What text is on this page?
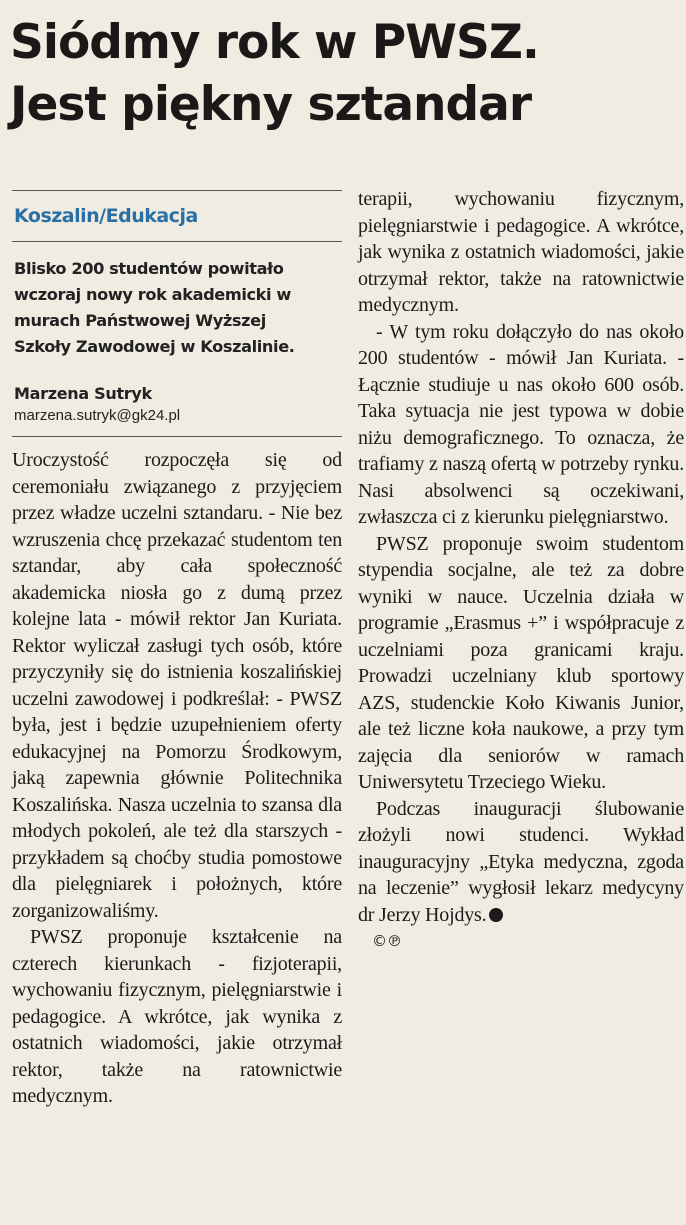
Siódmy rok w PWSZ.
Jest piękny sztandar
Koszalin/Edukacja
Blisko 200 studentów powitało wczoraj nowy rok akademicki w murach Państwowej Wyższej Szkoły Zawodowej w Koszalinie.
Marzena Sutryk
marzena.sutryk@gk24.pl

Uroczystość rozpoczęła się od ceremoniału związanego z przyjęciem przez władze uczelni sztandaru. - Nie bez wzruszenia chcę przekazać studentom ten sztandar, aby cała społeczność akademicka niosła go z dumą przez kolejne lata - mówił rektor Jan Kuriata. Rektor wyliczał zasługi tych osób, które przyczyniły się do istnienia koszalińskiej uczelni zawodowej i podkreślał: - PWSZ była, jest i będzie uzupełnieniem oferty edukacyjnej na Pomorzu Środkowym, jaką zapewnia głównie Politechnika Koszalińska. Nasza uczelnia to szansa dla młodych pokoleń, ale też dla starszych - przykładem są choćby studia pomostowe dla pielęgniarek i położnych, które zorganizowaliśmy.

PWSZ proponuje kształcenie na czterech kierunkach - fizjoterapii, wychowaniu fizycznym, pielęgniarstwie i pedagogice. A wkrótce, jak wynika z ostatnich wiadomości, jakie otrzymał rektor, także na ratownictwie medycznym.

terapii, wychowaniu fizycznym, pielęgniarstwie i pedagogice. A wkrótce, jak wynika z ostatnich wiadomości, jakie otrzymał rektor, także na ratownictwie medycznym.

- W tym roku dołączyło do nas około 200 studentów - mówił Jan Kuriata. - Łącznie studiuje u nas około 600 osób. Taka sytuacja nie jest typowa w dobie niżu demograficznego. To oznacza, że trafiamy z naszą ofertą w potrzeby rynku. Nasi absolwenci są oczekiwani, zwłaszcza ci z kierunku pielęgniarstwo.

PWSZ proponuje swoim studentom stypendia socjalne, ale też za dobre wyniki w nauce. Uczelnia działa w programie „Erasmus +” i współpracuje z uczelniami poza granicami kraju. Prowadzi uczelniany klub sportowy AZS, studenckie Koło Kiwanis Junior, ale też liczne koła naukowe, a przy tym zajęcia dla seniorów w ramach Uniwersytetu Trzeciego Wieku.

Podczas inauguracji ślubowanie złożyli nowi studenci. Wykład inauguracyjny „Etyka medyczna, zgoda na leczenie” wygłosił lekarz medycyny dr Jerzy Hojdys.

©℗
